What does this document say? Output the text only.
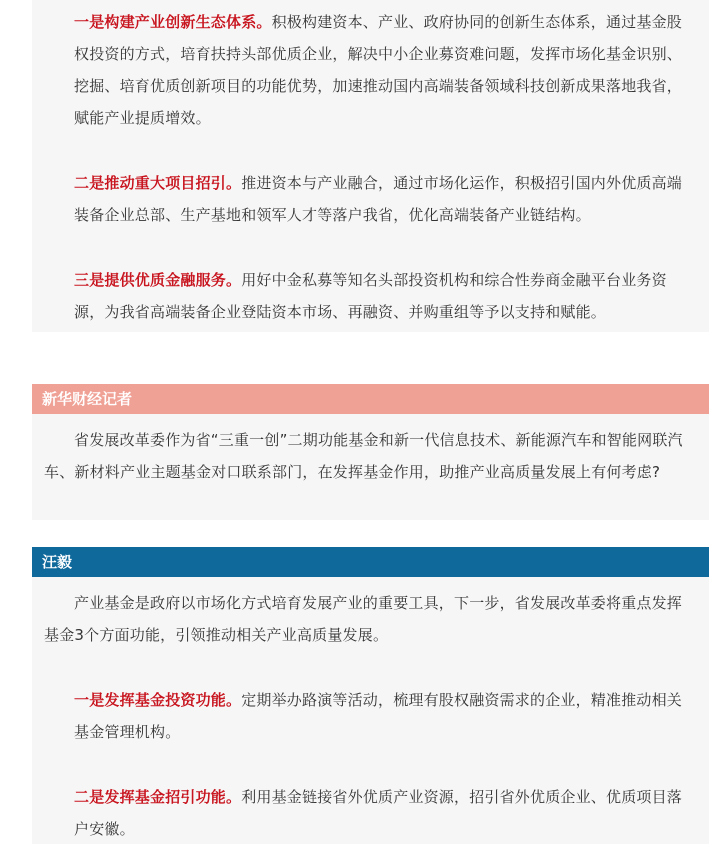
一是构建产业创新生态体系。积极构建资本、产业、政府协同的创新生态体系，通过基金股权投资的方式，培育扶持头部优质企业，解决中小企业募资难问题，发挥市场化基金识别、挖掘、培育优质创新项目的功能优势，加速推动国内高端装备领域科技创新成果落地我省，赋能产业提质增效。

二是推动重大项目招引。推进资本与产业融合，通过市场化运作，积极招引国内外优质高端装备企业总部、生产基地和领军人才等落户我省，优化高端装备产业链结构。

三是提供优质金融服务。用好中金私募等知名头部投资机构和综合性券商金融平台业务资源，为我省高端装备企业登陆资本市场、再融资、并购重组等予以支持和赋能。

新华财经记者

省发展改革委作为省“三重一创”二期功能基金和新一代信息技术、新能源汽车和智能网联汽车、新材料产业主题基金对口联系部门，在发挥基金作用，助推产业高质量发展上有何考虑?

汪毅

产业基金是政府以市场化方式培育发展产业的重要工具，下一步，省发展改革委将重点发挥基金3个方面功能，引领推动相关产业高质量发展。

一是发挥基金投资功能。定期举办路演等活动，梳理有股权融资需求的企业，精准推动相关基金管理机构。

二是发挥基金招引功能。利用基金链接省外优质产业资源，招引省外优质企业、优质项目落户安徽。
